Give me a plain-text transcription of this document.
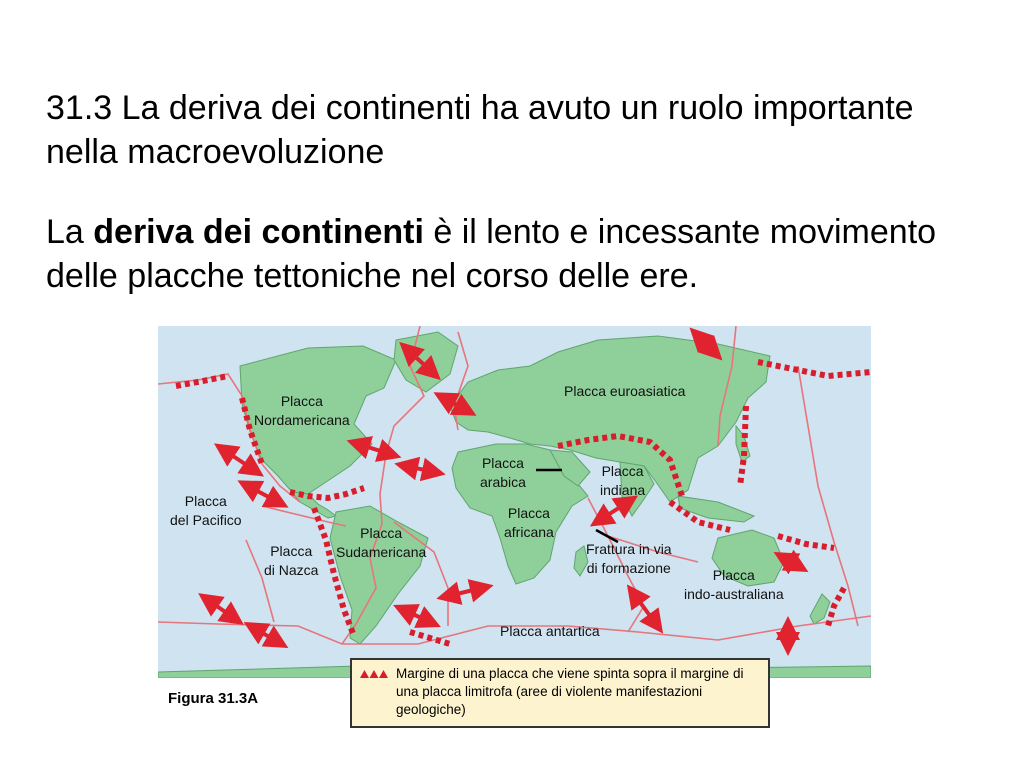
31.3 La deriva dei continenti ha avuto un ruolo importante nella macroevoluzione

La deriva dei continenti è il lento e incessante movimento delle placche tettoniche nel corso delle ere.

Placca euroasiatica
Placca
Nordamericana
Placca
del Pacifico
Placca
arabica
Placca
indiana
Placca
africana
Placca
Sudamericana
Placca
di Nazca
Frattura in via
di formazione	Placca
indo-australiana
Placca antartica
Figura 31.3A
Margine di una placca che viene spinta sopra il margine di una placca limitrofa (aree di violente manifestazioni geologiche)
